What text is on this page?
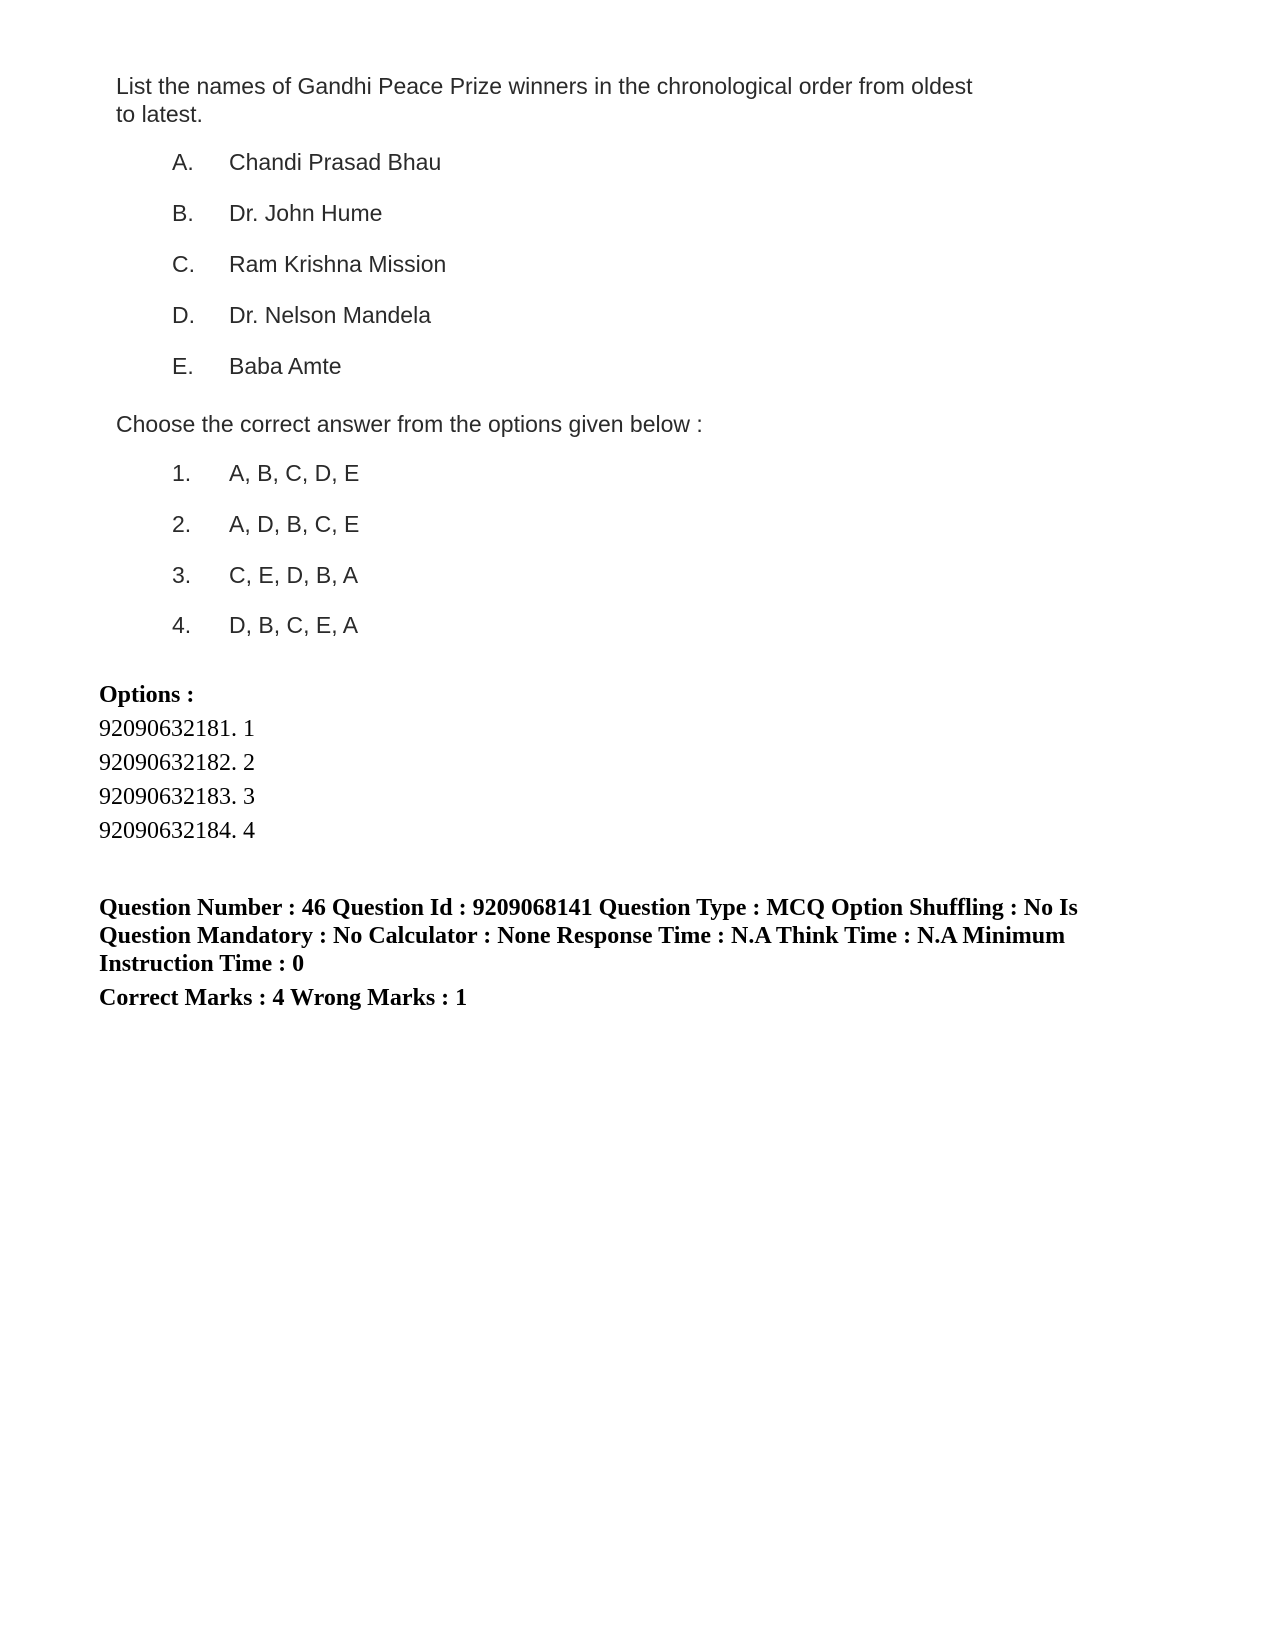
List the names of Gandhi Peace Prize winners in the chronological order from oldest to latest.

A. Chandi Prasad Bhau
B. Dr. John Hume
C. Ram Krishna Mission
D. Dr. Nelson Mandela
E. Baba Amte
Choose the correct answer from the options given below :
1. A, B, C, D, E
2. A, D, B, C, E
3. C, E, D, B, A
4. D, B, C, E, A
Options :
92090632181. 1
92090632182. 2
92090632183. 3
92090632184. 4
Question Number : 46 Question Id : 9209068141 Question Type : MCQ Option Shuffling : No Is Question Mandatory : No Calculator : None Response Time : N.A Think Time : N.A Minimum Instruction Time : 0
Correct Marks : 4 Wrong Marks : 1
